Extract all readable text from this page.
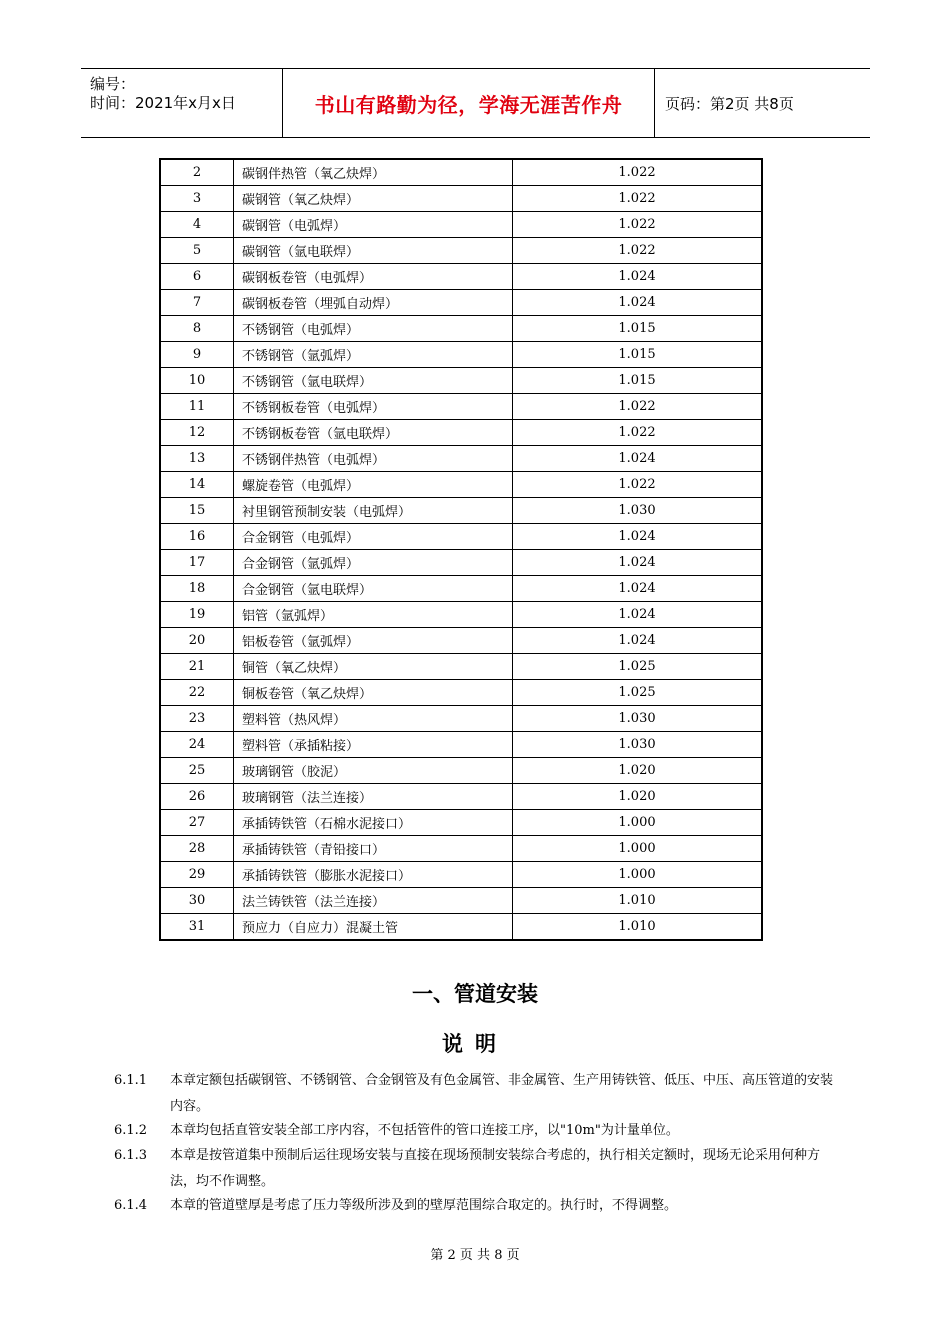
编号：
时间：2021年x月x日	书山有路勤为径，学海无涯苦作舟	页码：第2页 共8页
2	碳钢伴热管（氧乙炔焊）	1.022
3	碳钢管（氧乙炔焊）	1.022
4	碳钢管（电弧焊）	1.022
5	碳钢管（氩电联焊）	1.022
6	碳钢板卷管（电弧焊）	1.024
7	碳钢板卷管（埋弧自动焊）	1.024
8	不锈钢管（电弧焊）	1.015
9	不锈钢管（氩弧焊）	1.015
10	不锈钢管（氩电联焊）	1.015
11	不锈钢板卷管（电弧焊）	1.022
12	不锈钢板卷管（氩电联焊）	1.022
13	不锈钢伴热管（电弧焊）	1.024
14	螺旋卷管（电弧焊）	1.022
15	衬里钢管预制安装（电弧焊）	1.030
16	合金钢管（电弧焊）	1.024
17	合金钢管（氩弧焊）	1.024
18	合金钢管（氩电联焊）	1.024
19	铝管（氩弧焊）	1.024
20	铝板卷管（氩弧焊）	1.024
21	铜管（氧乙炔焊）	1.025
22	铜板卷管（氧乙炔焊）	1.025
23	塑料管（热风焊）	1.030
24	塑料管（承插粘接）	1.030
25	玻璃钢管（胶泥）	1.020
26	玻璃钢管（法兰连接）	1.020
27	承插铸铁管（石棉水泥接口）	1.000
28	承插铸铁管（青铅接口）	1.000
29	承插铸铁管（膨胀水泥接口）	1.000
30	法兰铸铁管（法兰连接）	1.010
31	预应力（自应力）混凝土管	1.010
一、管道安装
说明
6.1.1	本章定额包括碳钢管、不锈钢管、合金钢管及有色金属管、非金属管、生产用铸铁管、低压、中压、高压管道的安装内容。
6.1.2	本章均包括直管安装全部工序内容，不包括管件的管口连接工序，以"10m"为计量单位。
6.1.3	本章是按管道集中预制后运往现场安装与直接在现场预制安装综合考虑的，执行相关定额时，现场无论采用何种方法，均不作调整。
6.1.4	本章的管道壁厚是考虑了压力等级所涉及到的壁厚范围综合取定的。执行时，不得调整。
第 2 页 共 8 页
